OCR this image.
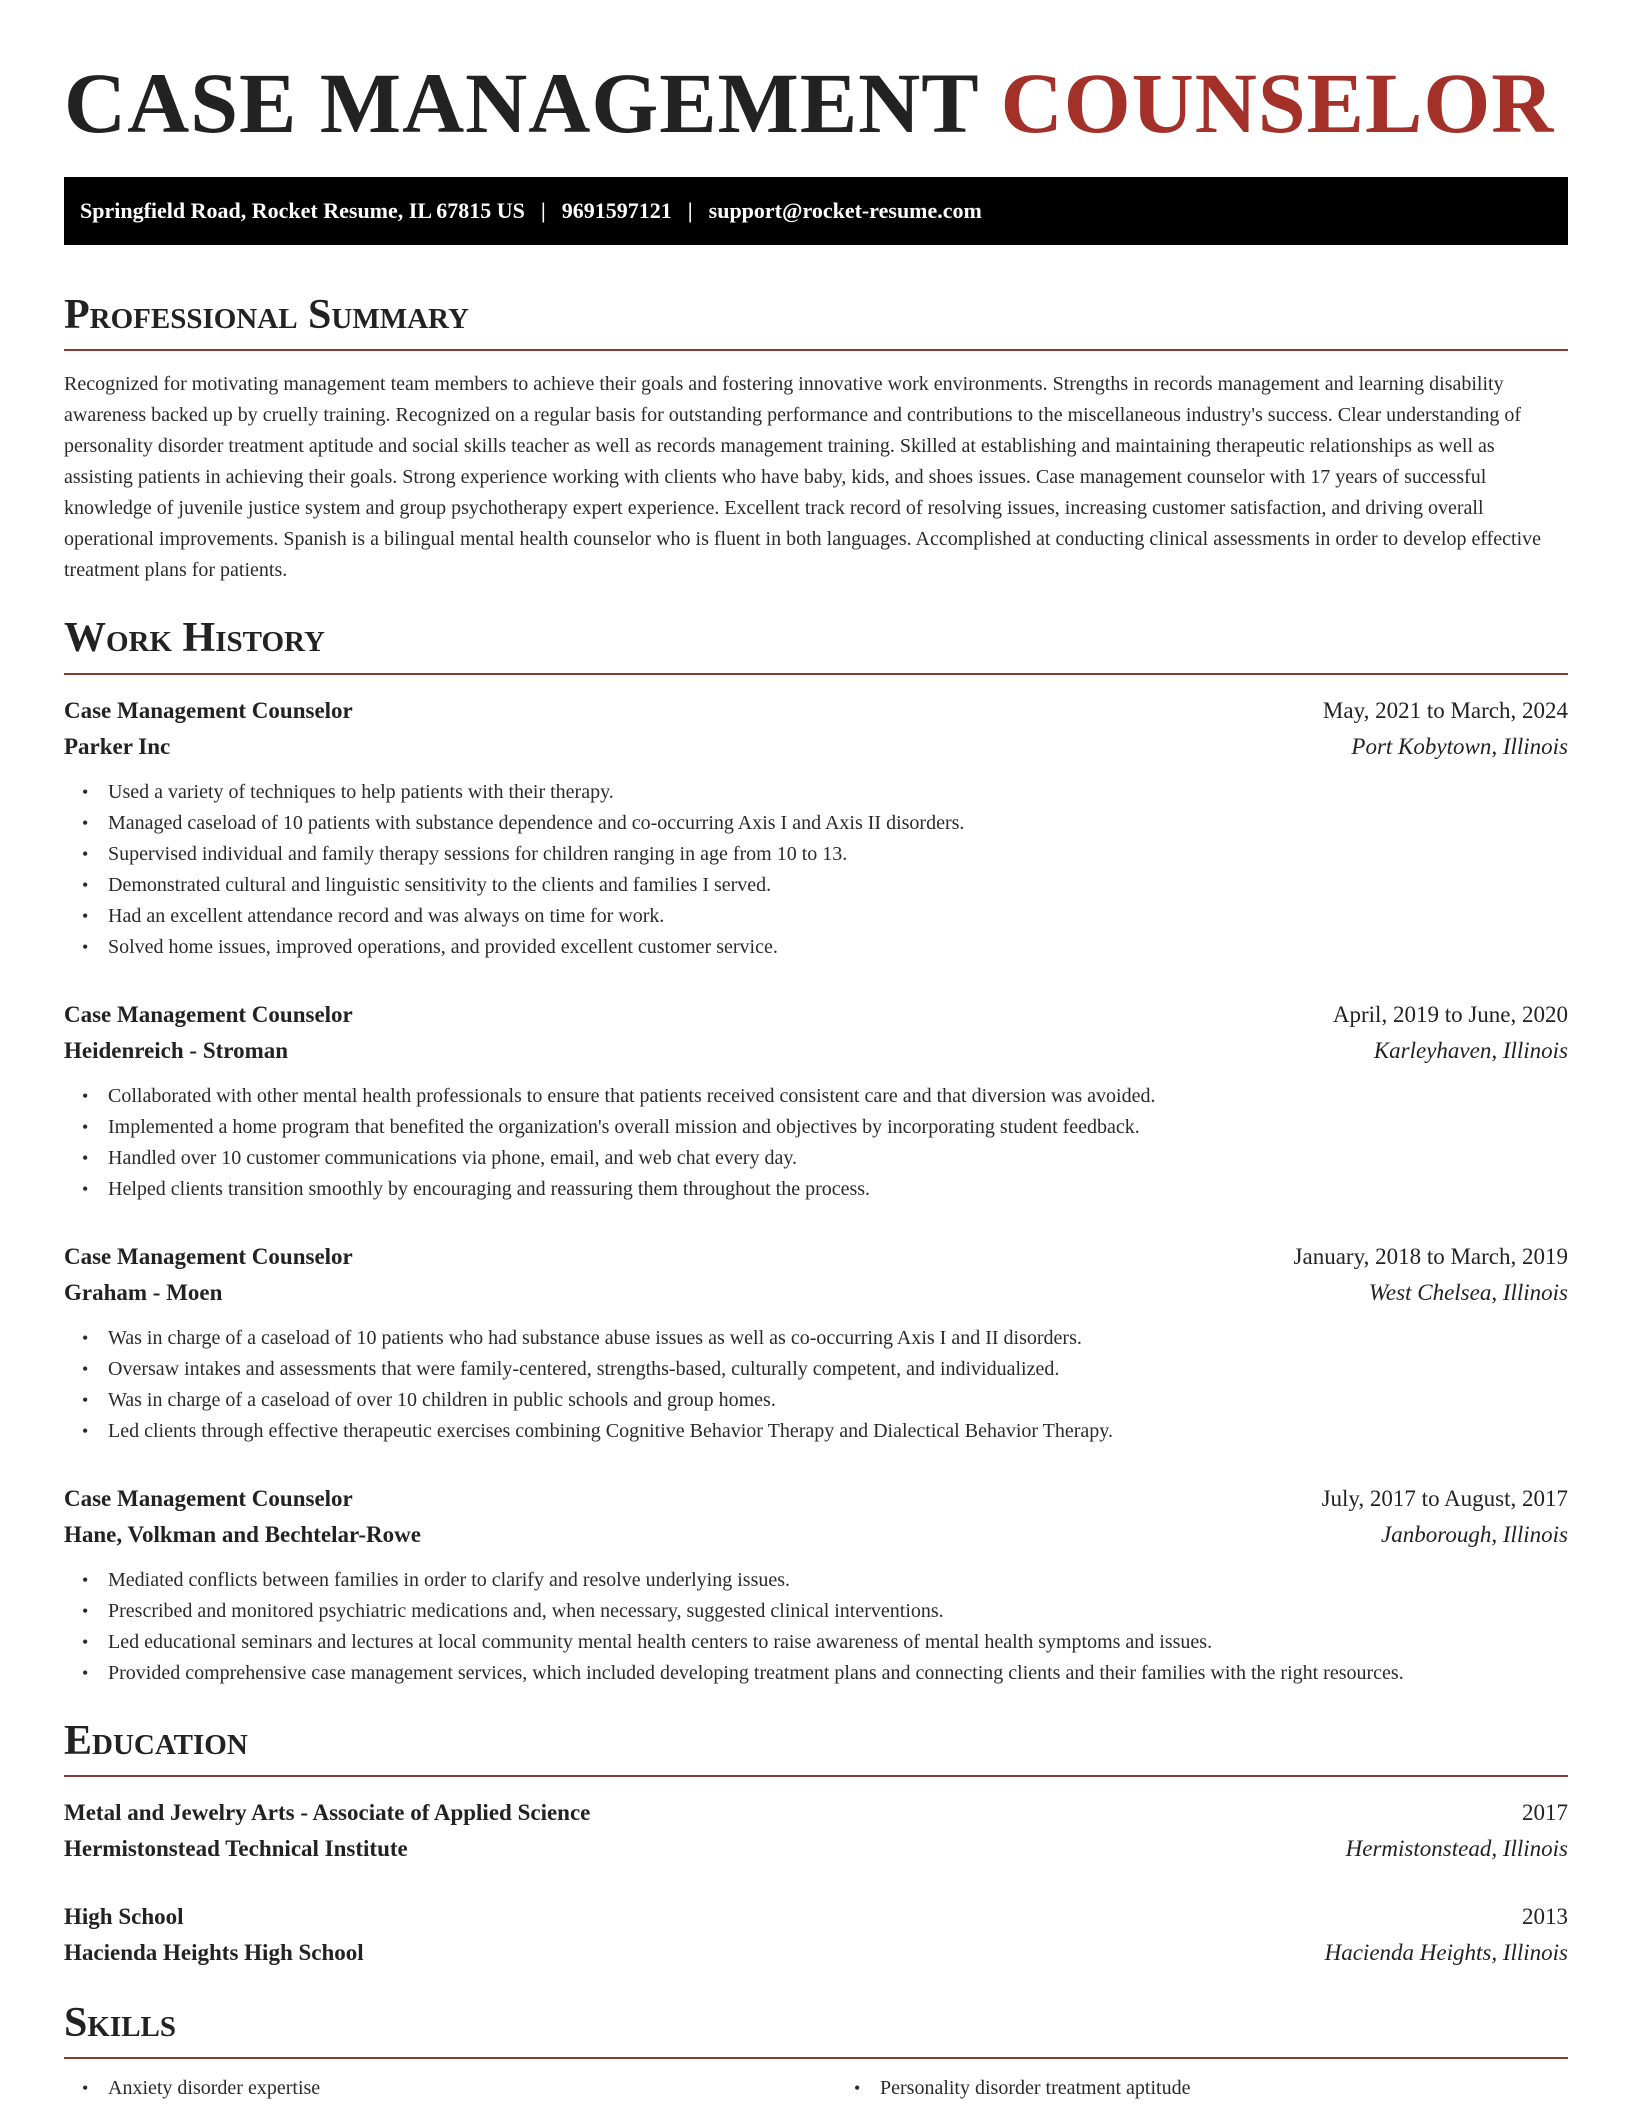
CASE MANAGEMENT COUNSELOR
Springfield Road, Rocket Resume, IL 67815 US | 9691597121 | support@rocket-resume.com
Professional Summary

Recognized for motivating management team members to achieve their goals and fostering innovative work environments. Strengths in records management and learning disability awareness backed up by cruelly training. Recognized on a regular basis for outstanding performance and contributions to the miscellaneous industry's success. Clear understanding of personality disorder treatment aptitude and social skills teacher as well as records management training. Skilled at establishing and maintaining therapeutic relationships as well as assisting patients in achieving their goals. Strong experience working with clients who have baby, kids, and shoes issues. Case management counselor with 17 years of successful knowledge of juvenile justice system and group psychotherapy expert experience. Excellent track record of resolving issues, increasing customer satisfaction, and driving overall operational improvements. Spanish is a bilingual mental health counselor who is fluent in both languages. Accomplished at conducting clinical assessments in order to develop effective treatment plans for patients.

Work History
Case Management Counselor	May, 2021 to March, 2024
Parker Inc	Port Kobytown, Illinois
• Used a variety of techniques to help patients with their therapy.
• Managed caseload of 10 patients with substance dependence and co-occurring Axis I and Axis II disorders.
• Supervised individual and family therapy sessions for children ranging in age from 10 to 13.
• Demonstrated cultural and linguistic sensitivity to the clients and families I served.
• Had an excellent attendance record and was always on time for work.
• Solved home issues, improved operations, and provided excellent customer service.
Case Management Counselor	April, 2019 to June, 2020
Heidenreich - Stroman	Karleyhaven, Illinois
• Collaborated with other mental health professionals to ensure that patients received consistent care and that diversion was avoided.
• Implemented a home program that benefited the organization's overall mission and objectives by incorporating student feedback.
• Handled over 10 customer communications via phone, email, and web chat every day.
• Helped clients transition smoothly by encouraging and reassuring them throughout the process.
Case Management Counselor	January, 2018 to March, 2019
Graham - Moen	West Chelsea, Illinois
• Was in charge of a caseload of 10 patients who had substance abuse issues as well as co-occurring Axis I and II disorders.
• Oversaw intakes and assessments that were family-centered, strengths-based, culturally competent, and individualized.
• Was in charge of a caseload of over 10 children in public schools and group homes.
• Led clients through effective therapeutic exercises combining Cognitive Behavior Therapy and Dialectical Behavior Therapy.
Case Management Counselor	July, 2017 to August, 2017
Hane, Volkman and Bechtelar-Rowe	Janborough, Illinois
• Mediated conflicts between families in order to clarify and resolve underlying issues.
• Prescribed and monitored psychiatric medications and, when necessary, suggested clinical interventions.
• Led educational seminars and lectures at local community mental health centers to raise awareness of mental health symptoms and issues.
• Provided comprehensive case management services, which included developing treatment plans and connecting clients and their families with the right resources.
Education
Metal and Jewelry Arts - Associate of Applied Science	2017
Hermistonstead Technical Institute	Hermistonstead, Illinois
High School	2013
Hacienda Heights High School	Hacienda Heights, Illinois
Skills
• Anxiety disorder expertise
•	Personality disorder treatment aptitude
